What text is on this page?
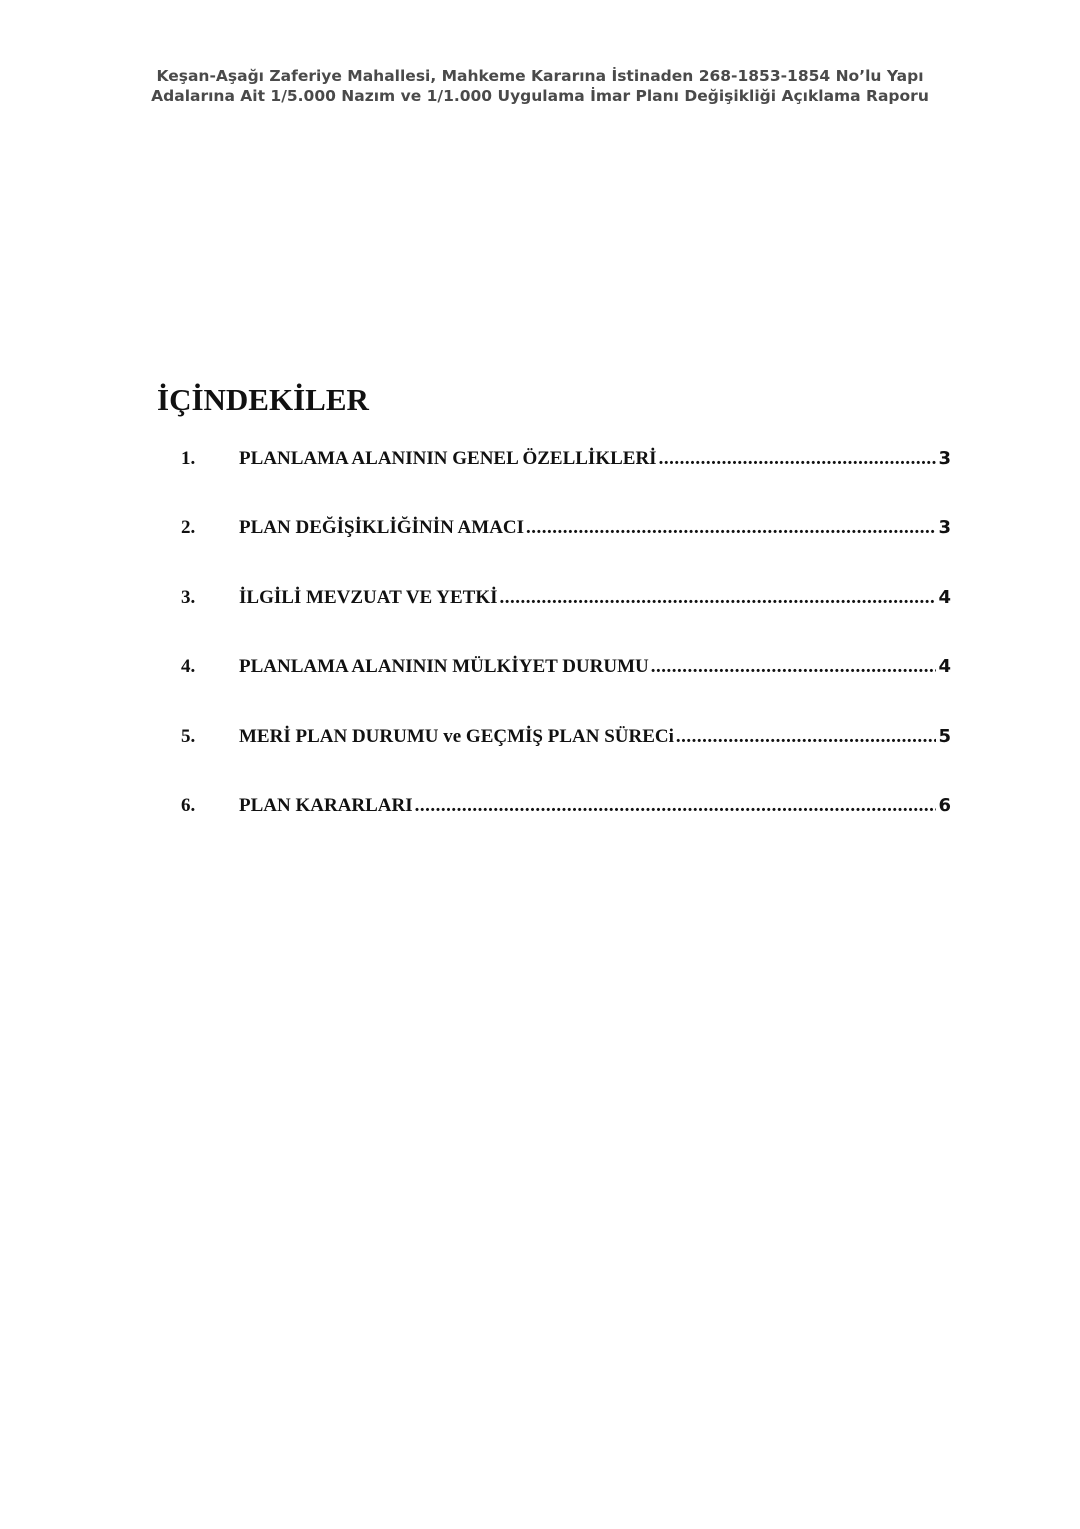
Keşan-Aşağı Zaferiye Mahallesi, Mahkeme Kararına İstinaden 268-1853-1854 No’lu Yapı
Adalarına Ait 1/5.000 Nazım ve 1/1.000 Uygulama İmar Planı Değişikliği Açıklama Raporu
İÇİNDEKİLER
1.	PLANLAMA ALANININ GENEL ÖZELLİKLERİ .....	3
2.	PLAN DEĞİŞİKLİĞİNİN AMACI .....	3
3.	İLGİLİ MEVZUAT VE YETKİ .....	4
4.	PLANLAMA ALANININ MÜLKİYET DURUMU .....	4
5.	MERİ PLAN DURUMU ve GEÇMİŞ PLAN SÜRECi .....	5
6.	PLAN KARARLARI .....	6
